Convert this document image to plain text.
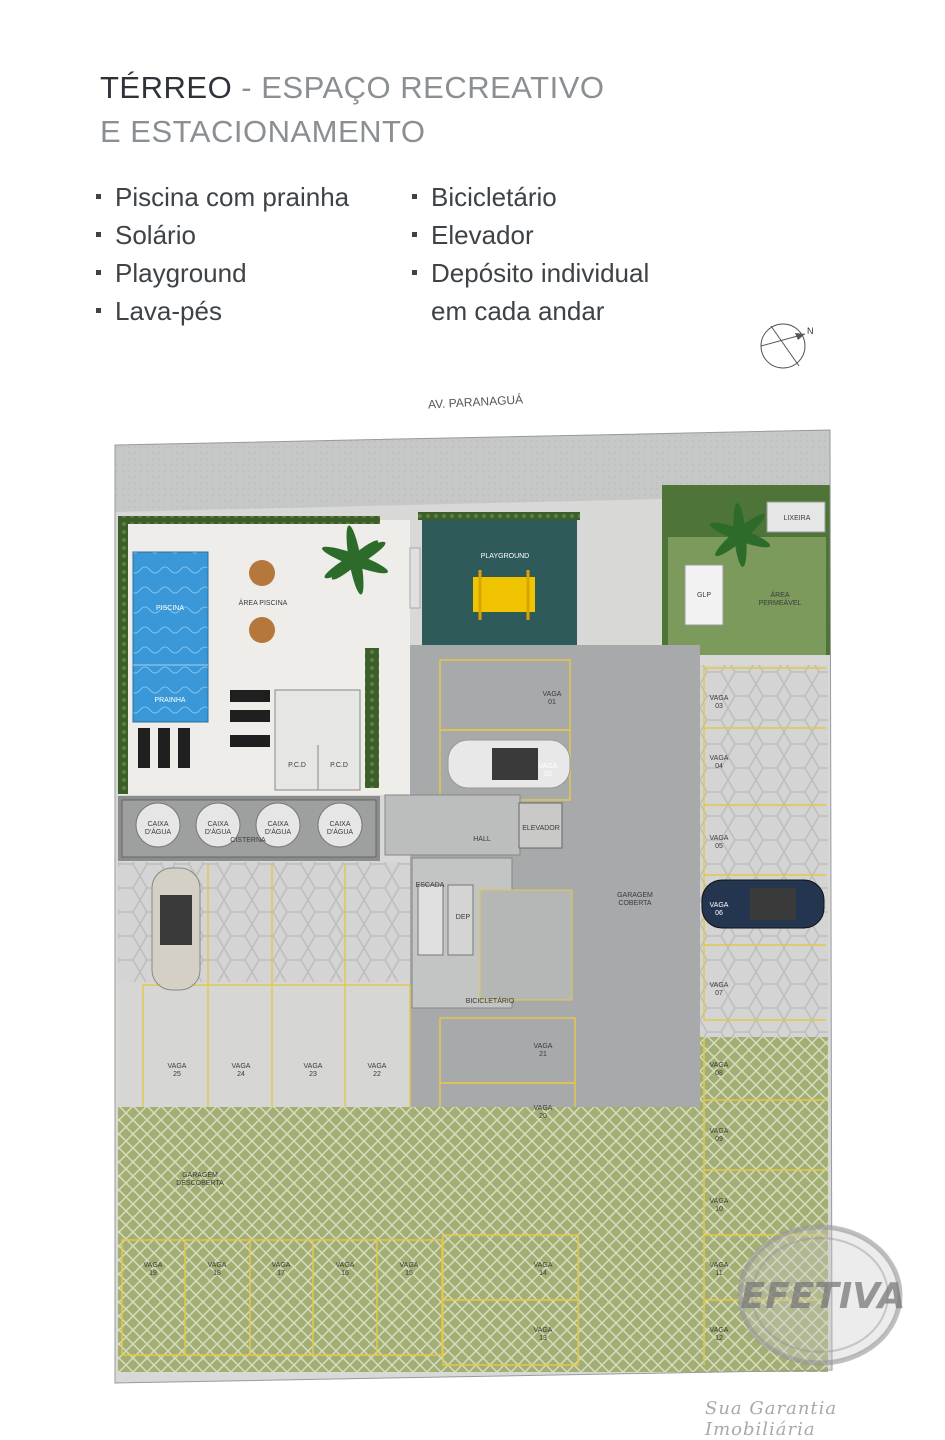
TÉRREO - ESPAÇO RECREATIVO
E ESTACIONAMENTO
Piscina com prainha
Solário
Playground
Lava-pés
Bicicletário
Elevador
Depósito individual
em cada andar
N
AV. PARANAGUÁ
PISCINA
PRAINHA
ÁREA PISCINA
PLAYGROUND
GLP	ÁREA
PERMEÁVEL
LIXEIRA
P.C.D	P.C.D
CAIXA D'ÁGUA
CAIXA D'ÁGUA
CAIXA D'ÁGUA
CAIXA D'ÁGUA
CISTERNA	HALL
ELEVADOR
ESCADA
DEP
BICICLETÁRIO
GARAGEM
COBERTA
GARAGEM
DESCOBERTA
VAGA
01
VAGA
02
VAGA
03
VAGA
04
VAGA
05
VAGA
06
VAGA
07
VAGA
08
VAGA
09
VAGA
10
VAGA
11
VAGA
12
VAGA
13
VAGA
14
VAGA
15
VAGA
16
VAGA
17
VAGA
18
VAGA
19
VAGA
20
VAGA
21
VAGA
22
VAGA
23
VAGA
24
VAGA
25
EFETIVA
Sua Garantia Imobiliária
